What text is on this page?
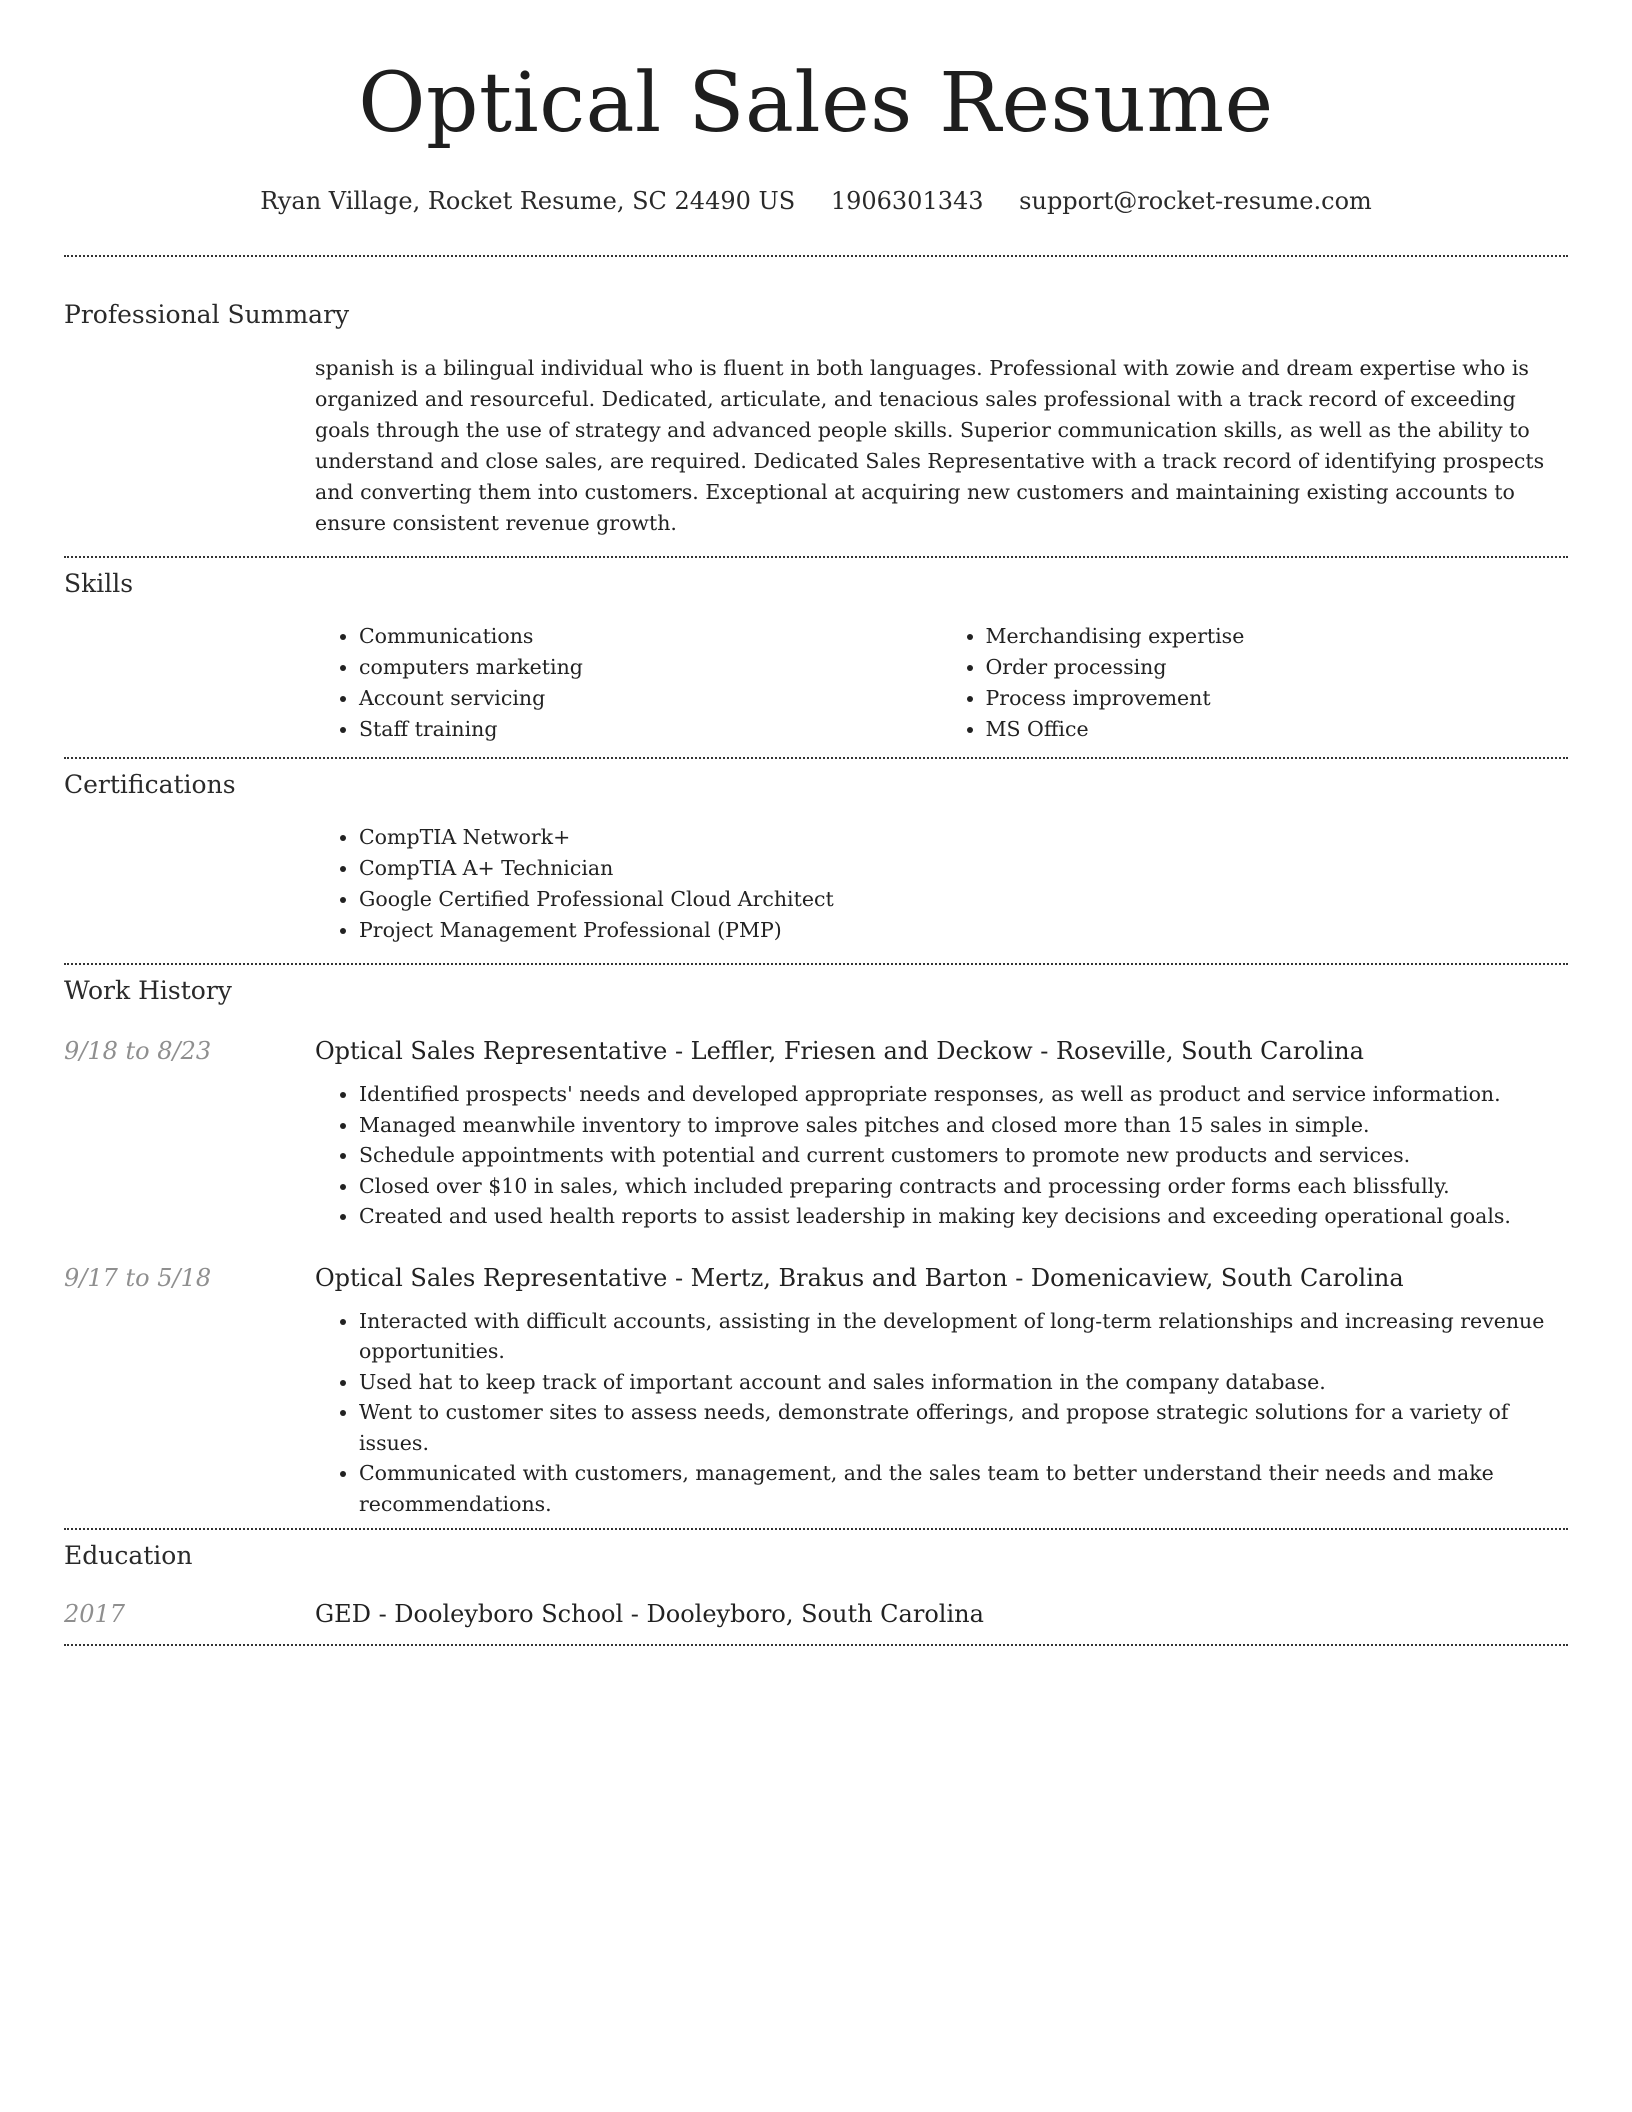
Optical Sales Resume
Ryan Village, Rocket Resume, SC 24490 US 1906301343 support@rocket-resume.com
Professional Summary
spanish is a bilingual individual who is fluent in both languages. Professional with zowie and dream expertise who is organized and resourceful. Dedicated, articulate, and tenacious sales professional with a track record of exceeding goals through the use of strategy and advanced people skills. Superior communication skills, as well as the ability to understand and close sales, are required. Dedicated Sales Representative with a track record of identifying prospects and converting them into customers. Exceptional at acquiring new customers and maintaining existing accounts to ensure consistent revenue growth.
Skills
• Communications
• computers marketing
• Account servicing
• Staff training
• Merchandising expertise
• Order processing
• Process improvement
• MS Office
Certifications
• CompTIA Network+
• CompTIA A+ Technician
• Google Certified Professional Cloud Architect
• Project Management Professional (PMP)
Work History
9/18 to 8/23	Optical Sales Representative - Leffler, Friesen and Deckow - Roseville, South Carolina
• Identified prospects' needs and developed appropriate responses, as well as product and service information.
• Managed meanwhile inventory to improve sales pitches and closed more than 15 sales in simple.
• Schedule appointments with potential and current customers to promote new products and services.
• Closed over $10 in sales, which included preparing contracts and processing order forms each blissfully.
• Created and used health reports to assist leadership in making key decisions and exceeding operational goals.
9/17 to 5/18	Optical Sales Representative - Mertz, Brakus and Barton - Domenicaview, South Carolina
• Interacted with difficult accounts, assisting in the development of long-term relationships and increasing revenue opportunities.
• Used hat to keep track of important account and sales information in the company database.
• Went to customer sites to assess needs, demonstrate offerings, and propose strategic solutions for a variety of issues.
• Communicated with customers, management, and the sales team to better understand their needs and make recommendations.
Education
2017	GED - Dooleyboro School - Dooleyboro, South Carolina
